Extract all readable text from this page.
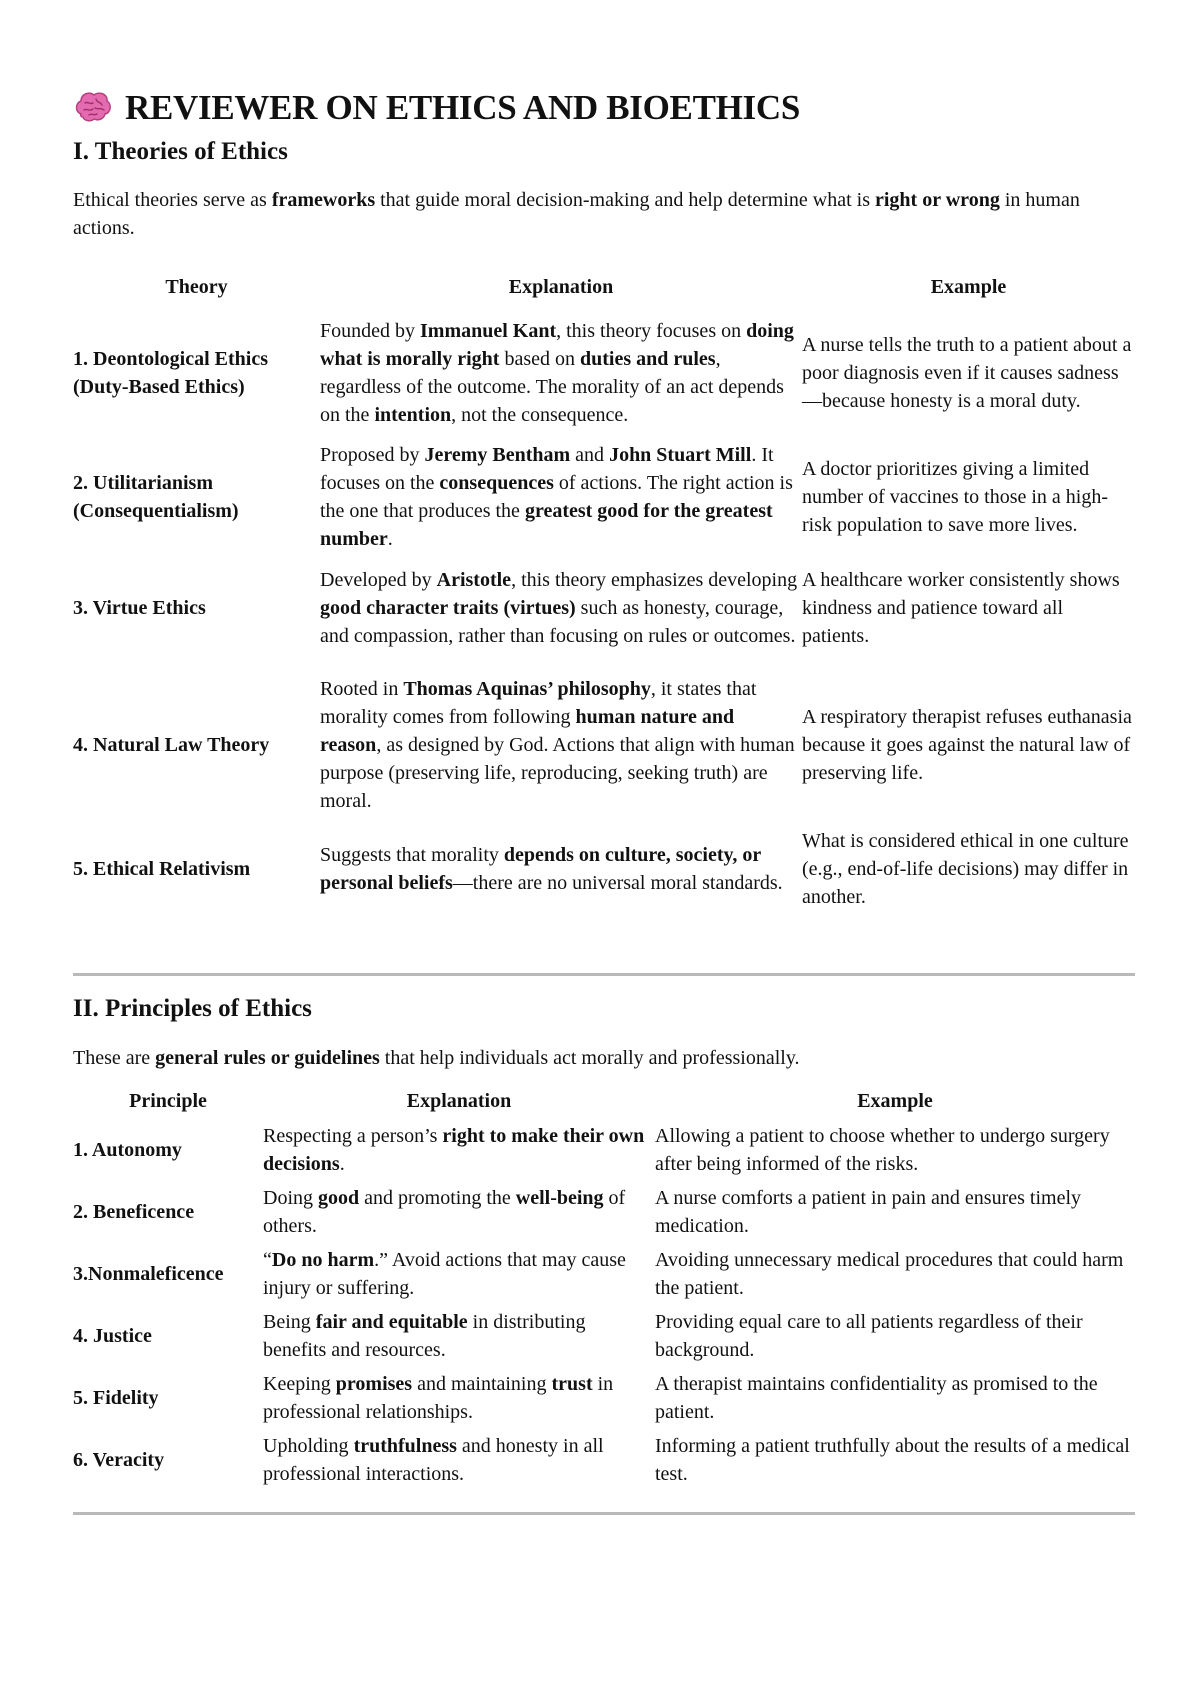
REVIEWER ON ETHICS AND BIOETHICS
I. Theories of Ethics

Ethical theories serve as frameworks that guide moral decision-making and help determine what is right or wrong in human actions.

Theory	Explanation	Example
1. Deontological Ethics (Duty-Based Ethics)	Founded by Immanuel Kant, this theory focuses on doing what is morally right based on duties and rules, regardless of the outcome. The morality of an act depends on the intention, not the consequence.	A nurse tells the truth to a patient about a poor diagnosis even if it causes sadness—because honesty is a moral duty.
2. Utilitarianism (Consequentialism)	Proposed by Jeremy Bentham and John Stuart Mill. It focuses on the consequences of actions. The right action is the one that produces the greatest good for the greatest number.	A doctor prioritizes giving a limited number of vaccines to those in a high-risk population to save more lives.
3. Virtue Ethics	Developed by Aristotle, this theory emphasizes developing good character traits (virtues) such as honesty, courage, and compassion, rather than focusing on rules or outcomes.	A healthcare worker consistently shows kindness and patience toward all patients.
4. Natural Law Theory	Rooted in Thomas Aquinas’ philosophy, it states that morality comes from following human nature and reason, as designed by God. Actions that align with human purpose (preserving life, reproducing, seeking truth) are moral.	A respiratory therapist refuses euthanasia because it goes against the natural law of preserving life.
5. Ethical Relativism	Suggests that morality depends on culture, society, or personal beliefs—there are no universal moral standards.	What is considered ethical in one culture (e.g., end-of-life decisions) may differ in another.
II. Principles of Ethics

These are general rules or guidelines that help individuals act morally and professionally.

Principle	Explanation	Example
1. Autonomy	Respecting a person’s right to make their own decisions.	Allowing a patient to choose whether to undergo surgery after being informed of the risks.
2. Beneficence	Doing good and promoting the well-being of others.	A nurse comforts a patient in pain and ensures timely medication.
3.Nonmaleficence	“Do no harm.” Avoid actions that may cause injury or suffering.	Avoiding unnecessary medical procedures that could harm the patient.
4. Justice	Being fair and equitable in distributing benefits and resources.	Providing equal care to all patients regardless of their background.
5. Fidelity	Keeping promises and maintaining trust in professional relationships.	A therapist maintains confidentiality as promised to the patient.
6. Veracity	Upholding truthfulness and honesty in all professional interactions.	Informing a patient truthfully about the results of a medical test.
